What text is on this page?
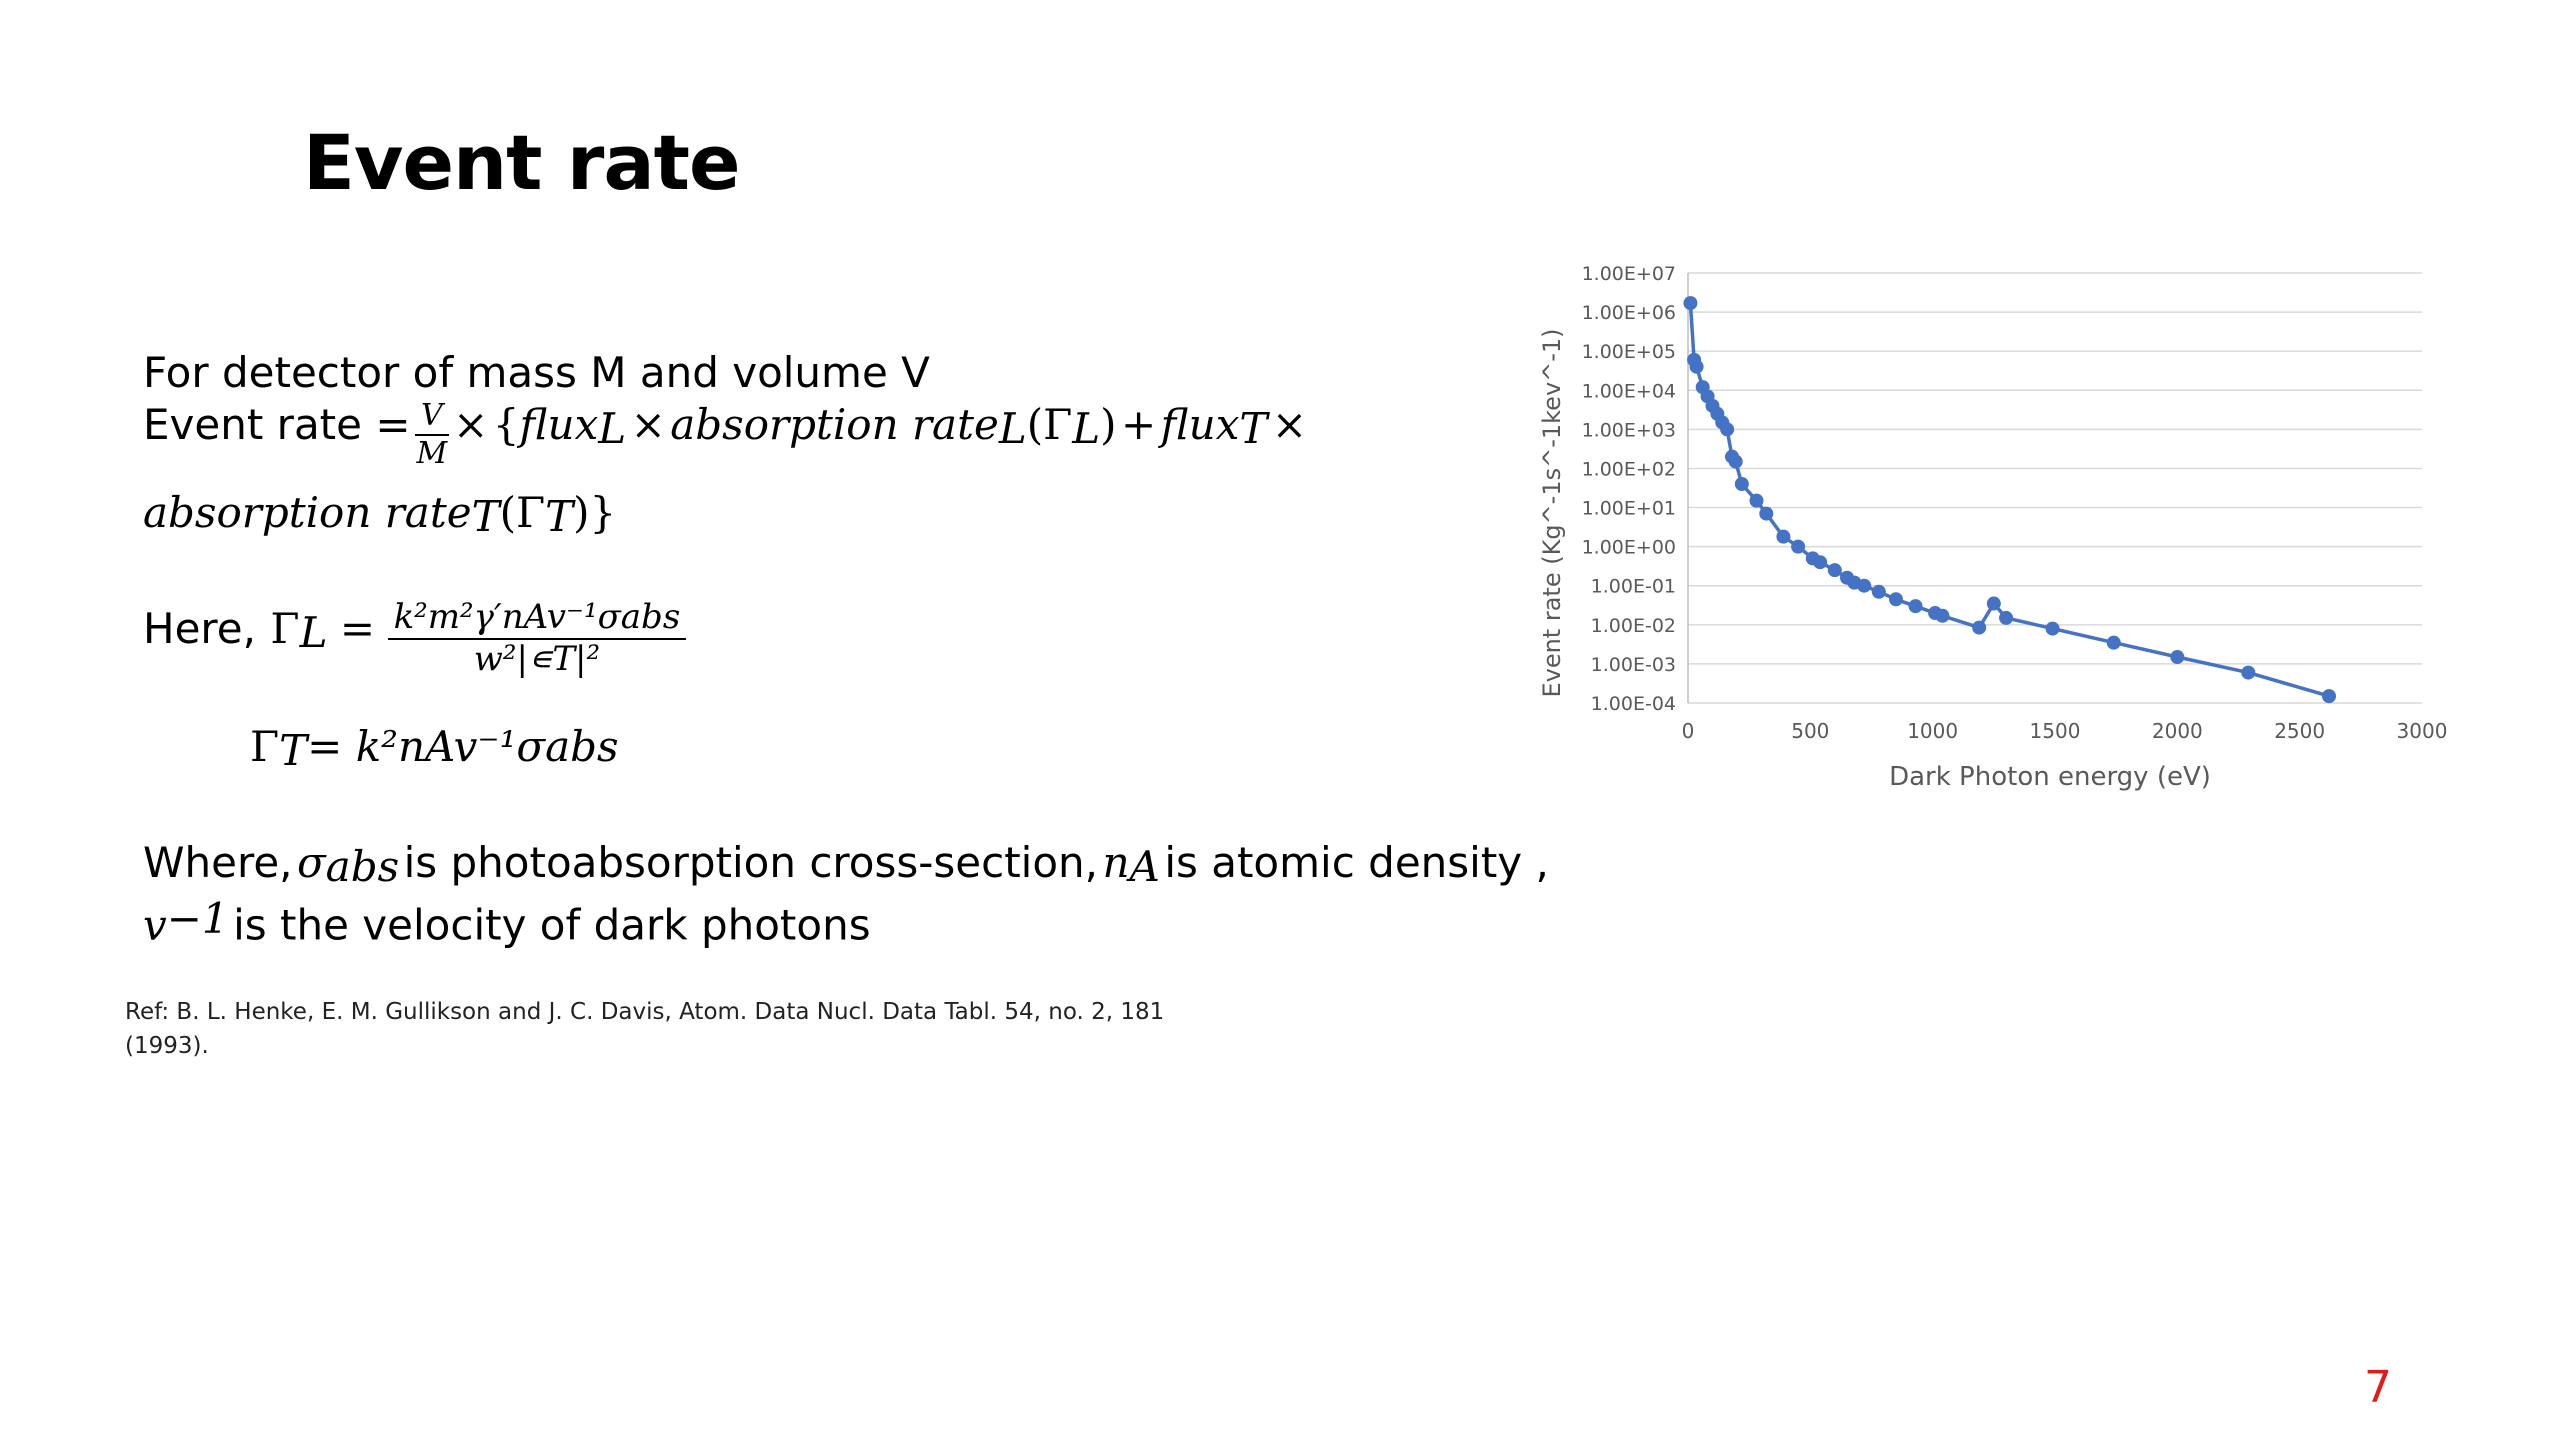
Event rate
For detector of mass M and volume V
Event rate = $\frac{V}{M}$ × {flux$_L$ × absorption $rate_L(\Gamma_L)$ + flux$_T$ ×
absorption $rate_T(\Gamma_T)$}
Here, $\Gamma_L = \frac{\text{k²m²γ′nAv⁻¹σabs}}{\text{w²|∊T|²}}$
$\Gamma_T= k^2nAv^{-1}\sigma abs$
Where, $\sigma_{abs}$ is photoabsorption cross-section, $n_A$ is atomic density ,
$v^{-1}$ is the velocity of dark photons
Ref: B. L. Henke, E. M. Gullikson and J. C. Davis, Atom. Data Nucl. Data Tabl. 54, no. 2, 181
(1993).
7
1.00E+07
1.00E+06
1.00E+05
1.00E+04
1.00E+03
1.00E+02
1.00E+01
1.00E+00
1.00E-01
1.00E-02
1.00E-03
1.00E-04
0	500	1000	1500	2000	2500	3000
Dark Photon energy (eV)
Event rate (Kg^-1s^-1kev^-1)
